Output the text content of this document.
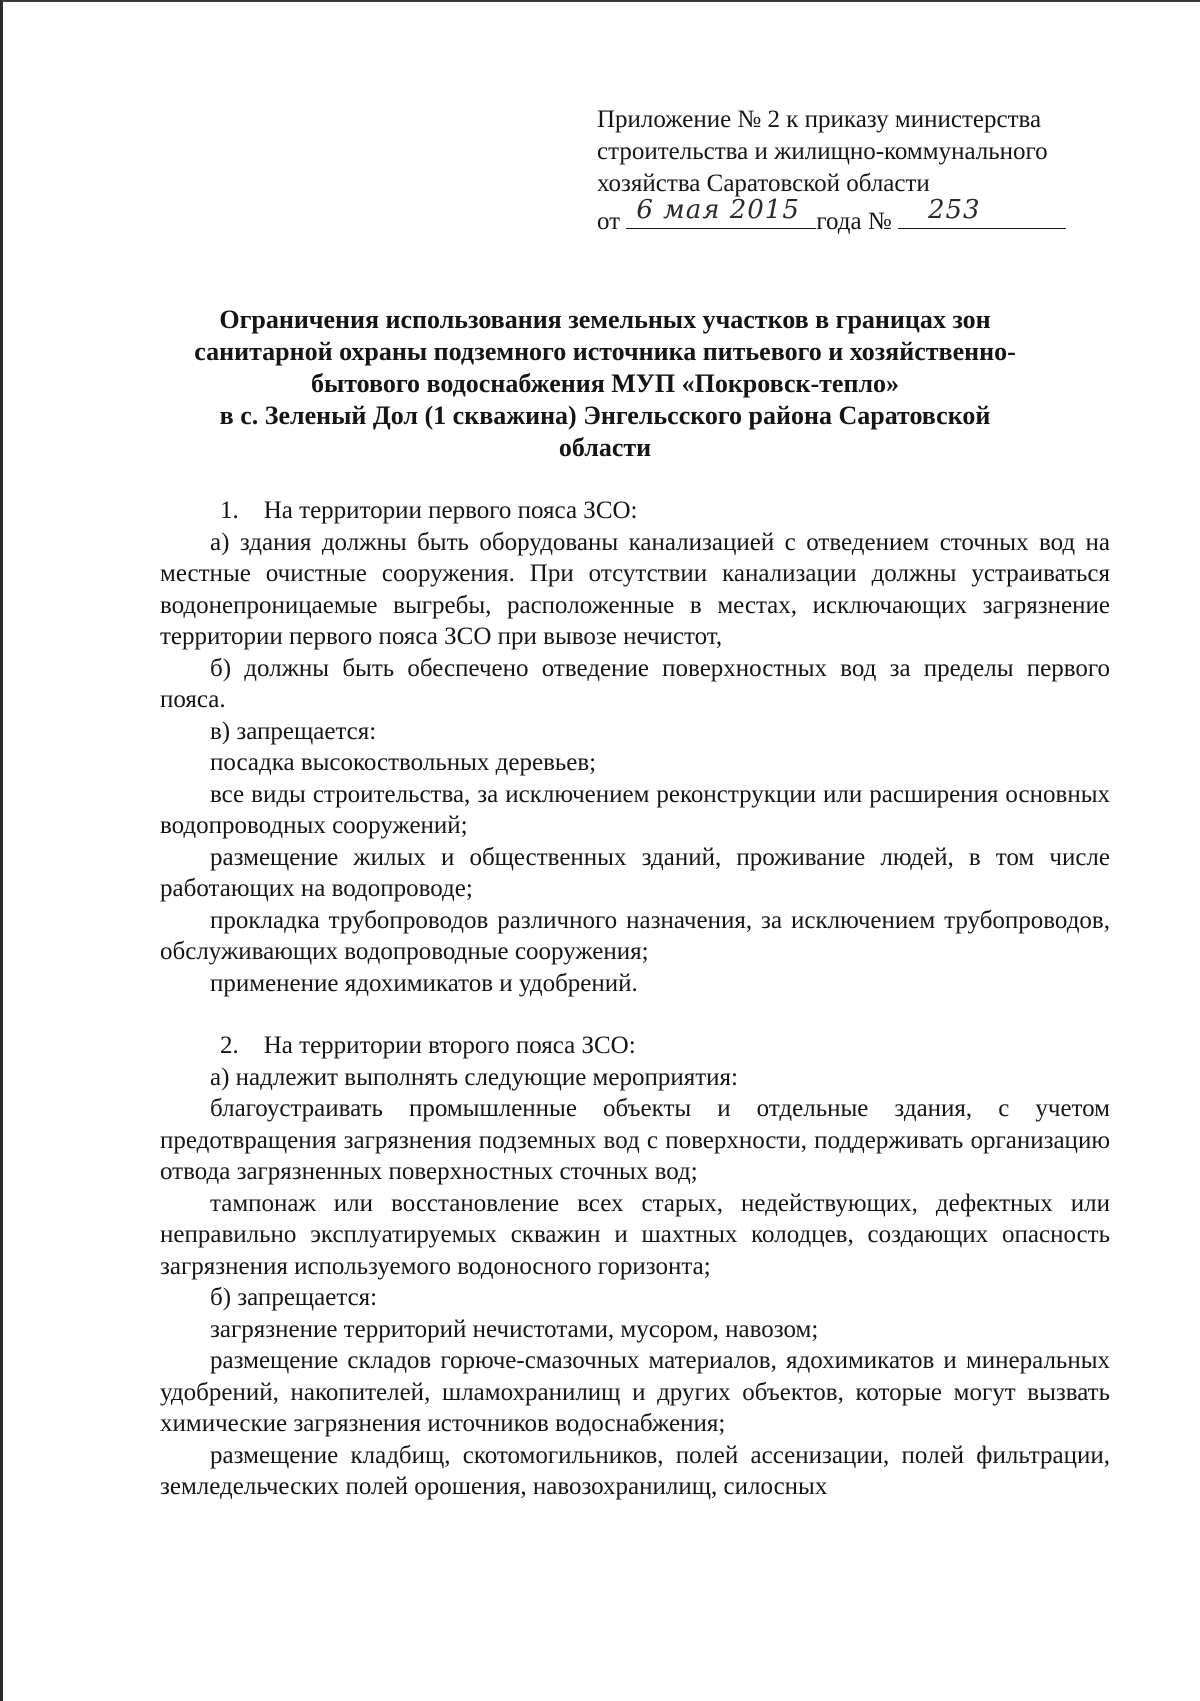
Приложение № 2 к приказу министерства
строительства и жилищно-коммунального
хозяйства Саратовской области
от 6 мая 2015 года № 253
Ограничения использования земельных участков в границах зон
санитарной охраны подземного источника питьевого и хозяйственно-
бытового водоснабжения МУП «Покровск-тепло»
в с. Зеленый Дол (1 скважина) Энгельсского района Саратовской
области

1. На территории первого пояса ЗСО:

а) здания должны быть оборудованы канализацией с отведением сточных вод на местные очистные сооружения. При отсутствии канализации должны устраиваться водонепроницаемые выгребы, расположенные в местах, исключающих загрязнение территории первого пояса ЗСО при вывозе нечистот,

б) должны быть обеспечено отведение поверхностных вод за пределы первого пояса.

в) запрещается:

посадка высокоствольных деревьев;

все виды строительства, за исключением реконструкции или расширения основных водопроводных сооружений;

размещение жилых и общественных зданий, проживание людей, в том числе работающих на водопроводе;

прокладка трубопроводов различного назначения, за исключением трубопроводов, обслуживающих водопроводные сооружения;

применение ядохимикатов и удобрений.

2. На территории второго пояса ЗСО:

а) надлежит выполнять следующие мероприятия:

благоустраивать промышленные объекты и отдельные здания, с учетом предотвращения загрязнения подземных вод с поверхности, поддерживать организацию отвода загрязненных поверхностных сточных вод;

тампонаж или восстановление всех старых, недействующих, дефектных или неправильно эксплуатируемых скважин и шахтных колодцев, создающих опасность загрязнения используемого водоносного горизонта;

б) запрещается:

загрязнение территорий нечистотами, мусором, навозом;

размещение складов горюче-смазочных материалов, ядохимикатов и минеральных удобрений, накопителей, шламохранилищ и других объектов, которые могут вызвать химические загрязнения источников водоснабжения;

размещение кладбищ, скотомогильников, полей ассенизации, полей фильтрации, земледельческих полей орошения, навозохранилищ, силосных
